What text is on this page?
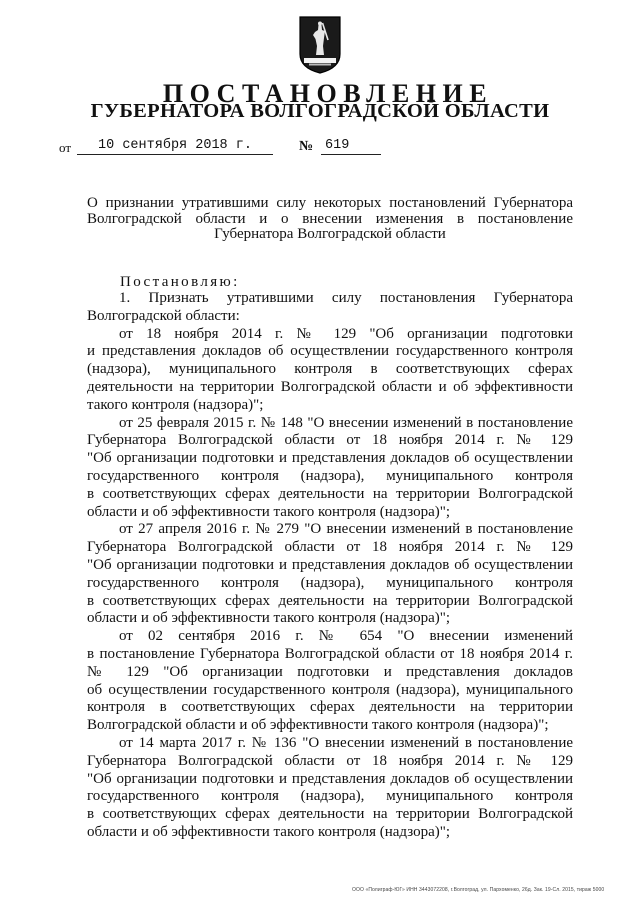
ПОСТАНОВЛЕНИЕ
ГУБЕРНАТОРА ВОЛГОГРАДСКОЙ ОБЛАСТИ
от	10 сентября 2018 г.	№ 619
О признании утратившими силу некоторых постановлений Губернатора
Волгоградской области и о внесении изменения в постановление
Губернатора Волгоградской области
Постановляю:
1. Признать утратившими силу постановления Губернатора
Волгоградской области:
от 18 ноября 2014 г. № 129 "Об организации подготовки
и представления докладов об осуществлении государственного контроля
(надзора), муниципального контроля в соответствующих сферах
деятельности на территории Волгоградской области и об эффективности
такого контроля (надзора)";
от 25 февраля 2015 г. № 148 "О внесении изменений в постановление
Губернатора Волгоградской области от 18 ноября 2014 г. № 129
"Об организации подготовки и представления докладов об осуществлении
государственного контроля (надзора), муниципального контроля
в соответствующих сферах деятельности на территории Волгоградской
области и об эффективности такого контроля (надзора)";
от 27 апреля 2016 г. № 279 "О внесении изменений в постановление
Губернатора Волгоградской области от 18 ноября 2014 г. № 129
"Об организации подготовки и представления докладов об осуществлении
государственного контроля (надзора), муниципального контроля
в соответствующих сферах деятельности на территории Волгоградской
области и об эффективности такого контроля (надзора)";
от 02 сентября 2016 г. № 654 "О внесении изменений
в постановление Губернатора Волгоградской области от 18 ноября 2014 г.
№ 129 "Об организации подготовки и представления докладов
об осуществлении государственного контроля (надзора), муниципального
контроля в соответствующих сферах деятельности на территории
Волгоградской области и об эффективности такого контроля (надзора)";
от 14 марта 2017 г. № 136 "О внесении изменений в постановление
Губернатора Волгоградской области от 18 ноября 2014 г. № 129
"Об организации подготовки и представления докладов об осуществлении
государственного контроля (надзора), муниципального контроля
в соответствующих сферах деятельности на территории Волгоградской
области и об эффективности такого контроля (надзора)";
ООО «Полиграф-ЮГ» ИНН 3443072208, г.Волгоград, ул. Пархоменко, 26д. Зак. 19-Сл. 2015, тираж 5000
